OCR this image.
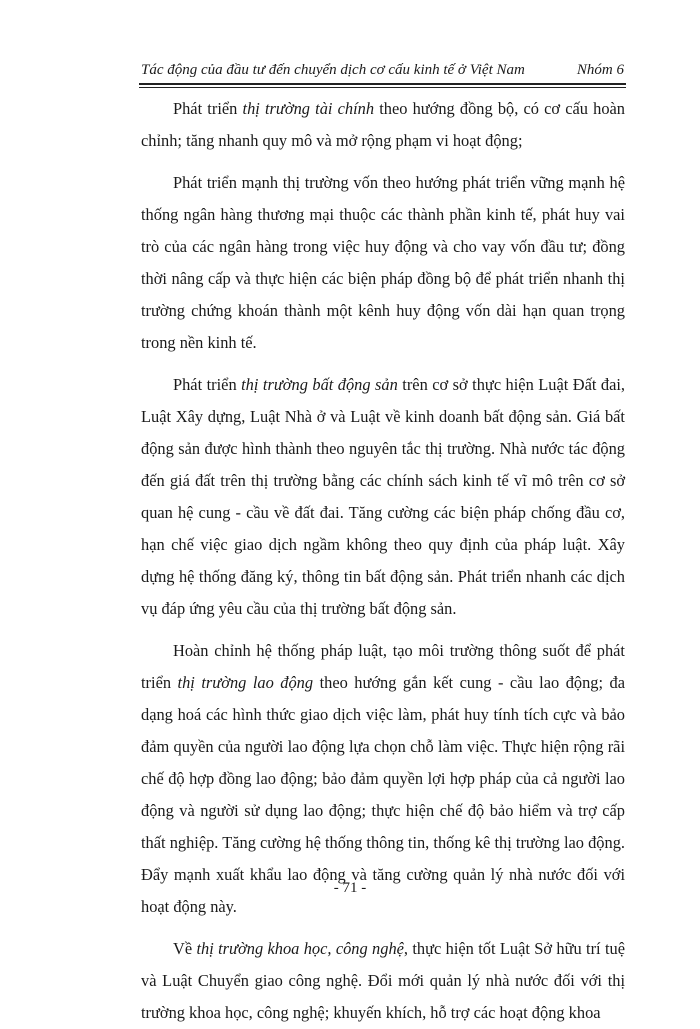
Tác động của đầu tư đến chuyển dịch cơ cấu kinh tế ở Việt Nam	Nhóm 6

Phát triển thị trường tài chính theo hướng đồng bộ, có cơ cấu hoàn chỉnh; tăng nhanh quy mô và mở rộng phạm vi hoạt động;

Phát triển mạnh thị trường vốn theo hướng phát triển vững mạnh hệ thống ngân hàng thương mại thuộc các thành phần kinh tế, phát huy vai trò của các ngân hàng trong việc huy động và cho vay vốn đầu tư; đồng thời nâng cấp và thực hiện các biện pháp đồng bộ để phát triển nhanh thị trường chứng khoán thành một kênh huy động vốn dài hạn quan trọng trong nền kinh tế.

Phát triển thị trường bất động sản trên cơ sở thực hiện Luật Đất đai, Luật Xây dựng, Luật Nhà ở và Luật về kinh doanh bất động sản. Giá bất động sản được hình thành theo nguyên tắc thị trường. Nhà nước tác động đến giá đất trên thị trường bằng các chính sách kinh tế vĩ mô trên cơ sở quan hệ cung - cầu về đất đai. Tăng cường các biện pháp chống đầu cơ, hạn chế việc giao dịch ngầm không theo quy định của pháp luật. Xây dựng hệ thống đăng ký, thông tin bất động sản. Phát triển nhanh các dịch vụ đáp ứng yêu cầu của thị trường bất động sản.

Hoàn chỉnh hệ thống pháp luật, tạo môi trường thông suốt để phát triển thị trường lao động theo hướng gắn kết cung - cầu lao động; đa dạng hoá các hình thức giao dịch việc làm, phát huy tính tích cực và bảo đảm quyền của người lao động lựa chọn chỗ làm việc. Thực hiện rộng rãi chế độ hợp đồng lao động; bảo đảm quyền lợi hợp pháp của cả người lao động và người sử dụng lao động; thực hiện chế độ bảo hiểm và trợ cấp thất nghiệp. Tăng cường hệ thống thông tin, thống kê thị trường lao động. Đẩy mạnh xuất khẩu lao động và tăng cường quản lý nhà nước đối với hoạt động này.

Về thị trường khoa học, công nghệ, thực hiện tốt Luật Sở hữu trí tuệ và Luật Chuyển giao công nghệ. Đổi mới quản lý nhà nước đối với thị trường khoa học, công nghệ; khuyến khích, hỗ trợ các hoạt động khoa

- 71 -
